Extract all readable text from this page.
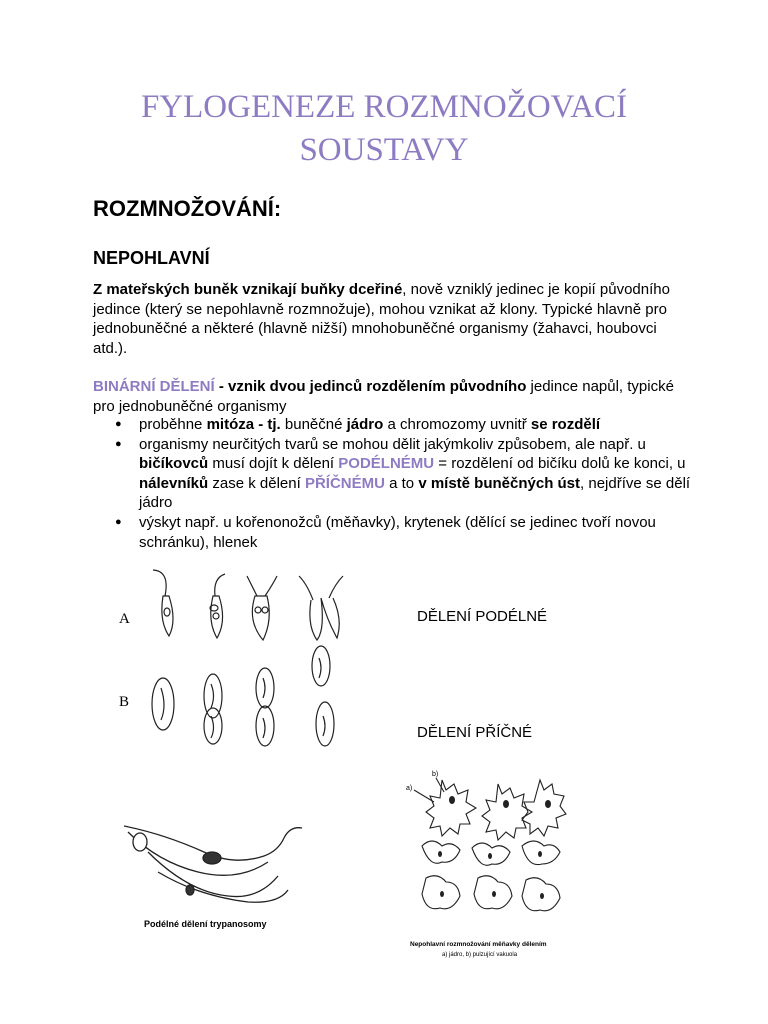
FYLOGENEZE ROZMNOŽOVACÍ
SOUSTAVY
ROZMNOŽOVÁNÍ:
NEPOHLAVNÍ

Z mateřských buněk vznikají buňky dceřiné, nově vzniklý jedinec je kopií původního jedince (který se nepohlavně rozmnožuje), mohou vznikat až klony. Typické hlavně pro jednobuněčné a některé (hlavně nižší) mnohobuněčné organismy (žahavci, houbovci atd.).

BINÁRNÍ DĚLENÍ - vznik dvou jedinců rozdělením původního jedince napůl, typické pro jednobuněčné organismy

● proběhne mitóza - tj. buněčné jádro a chromozomy uvnitř se rozdělí
● organismy neurčitých tvarů se mohou dělit jakýmkoliv způsobem, ale např. u bičíkovců musí dojít k dělení PODÉLNÉMU = rozdělení od bičíku dolů ke konci, u nálevníků zase k dělení PŘÍČNÉMU a to v místě buněčných úst, nejdříve se dělí jádro
● výskyt např. u kořenonožců (měňavky), krytenek (dělící se jedinec tvoří novou schránku), hlenek
A
B
DĚLENÍ PODÉLNÉ
DĚLENÍ PŘÍČNÉ
Podélné dělení trypanosomy
a)
b)
Nepohlavní rozmnožování měňavky dělením
a) jádro, b) pulzující vakuola
